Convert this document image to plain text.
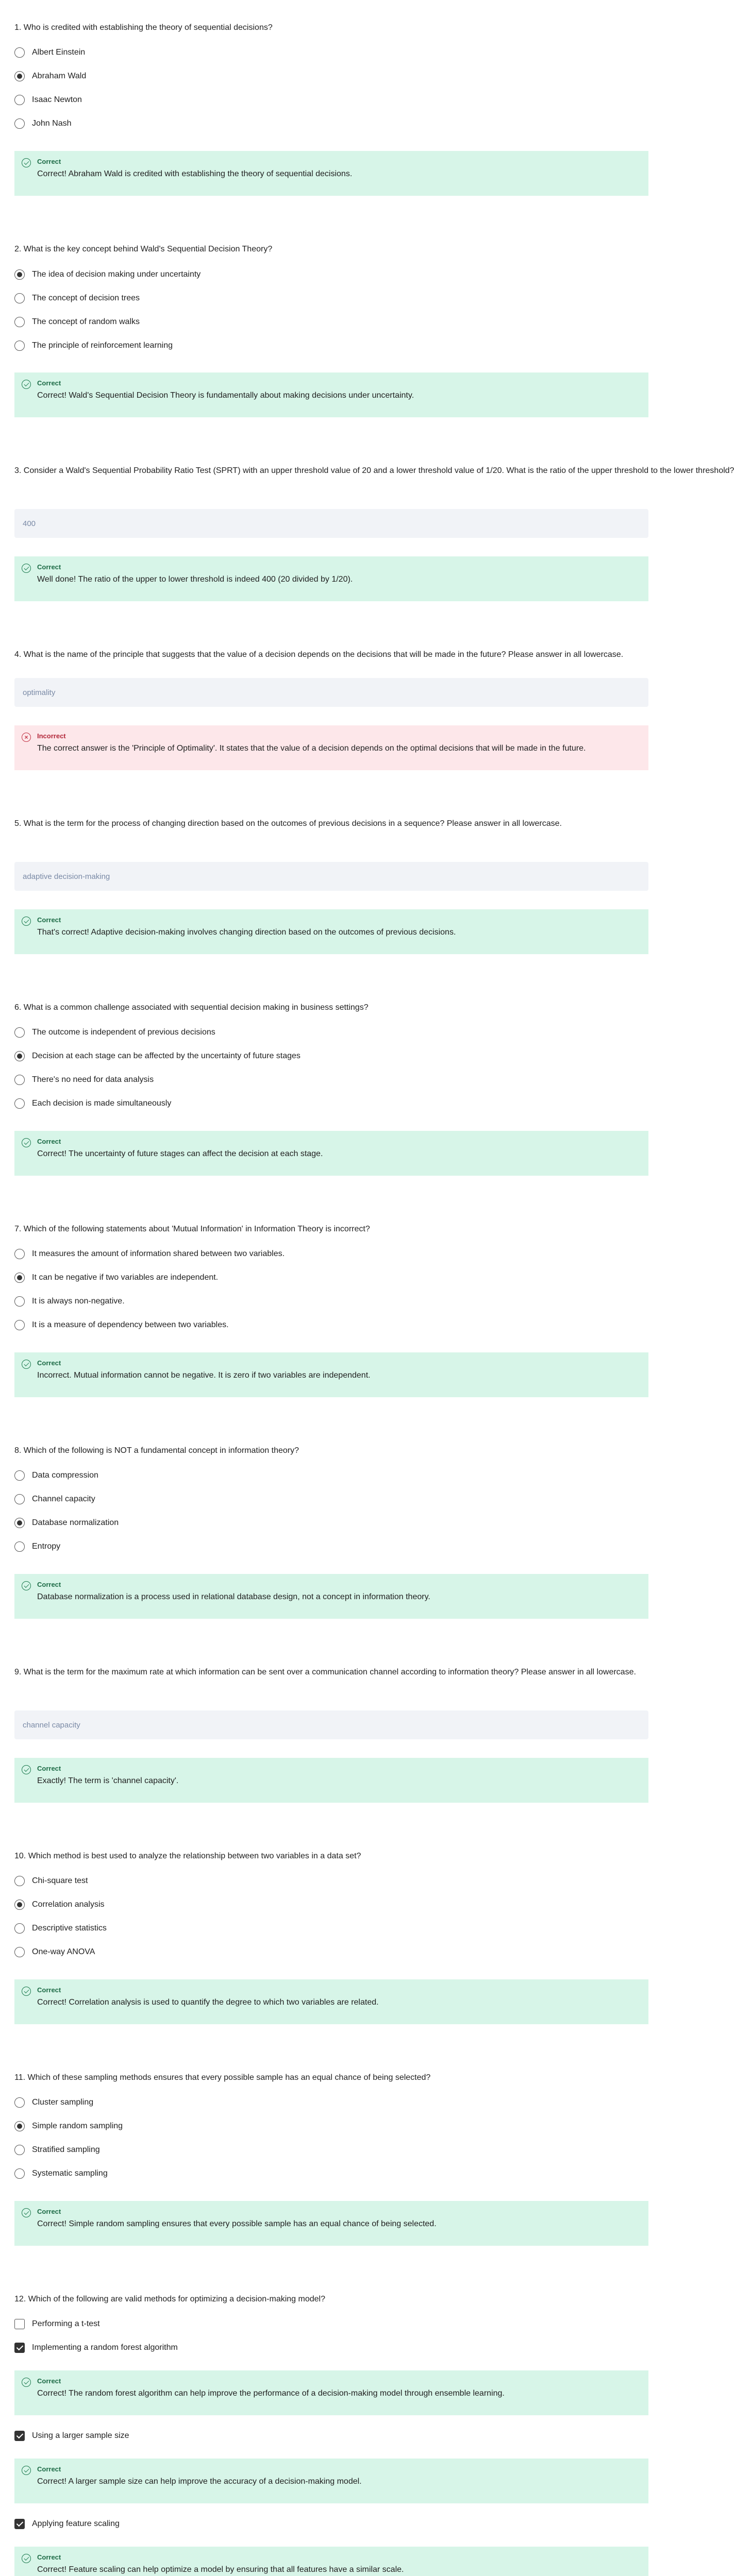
1. Who is credited with establishing the theory of sequential decisions?
Albert Einstein
Abraham Wald
Isaac Newton
John Nash
Correct
Correct! Abraham Wald is credited with establishing the theory of sequential decisions.
2. What is the key concept behind Wald's Sequential Decision Theory?
The idea of decision making under uncertainty
The concept of decision trees
The concept of random walks
The principle of reinforcement learning
Correct
Correct! Wald's Sequential Decision Theory is fundamentally about making decisions under uncertainty.
3. Consider a Wald's Sequential Probability Ratio Test (SPRT) with an upper threshold value of 20 and a lower threshold value of 1/20. What is the ratio of the upper threshold to the lower threshold?
400
Correct
Well done! The ratio of the upper to lower threshold is indeed 400 (20 divided by 1/20).
4. What is the name of the principle that suggests that the value of a decision depends on the decisions that will be made in the future? Please answer in all lowercase.
optimality
×	Incorrect
The correct answer is the 'Principle of Optimality'. It states that the value of a decision depends on the optimal decisions that will be made in the future.
5. What is the term for the process of changing direction based on the outcomes of previous decisions in a sequence? Please answer in all lowercase.
adaptive decision-making
Correct
That's correct! Adaptive decision-making involves changing direction based on the outcomes of previous decisions.
6. What is a common challenge associated with sequential decision making in business settings?
The outcome is independent of previous decisions
Decision at each stage can be affected by the uncertainty of future stages
There's no need for data analysis
Each decision is made simultaneously
Correct
Correct! The uncertainty of future stages can affect the decision at each stage.
7. Which of the following statements about 'Mutual Information' in Information Theory is incorrect?
It measures the amount of information shared between two variables.
It can be negative if two variables are independent.
It is always non-negative.
It is a measure of dependency between two variables.
Correct
Incorrect. Mutual information cannot be negative. It is zero if two variables are independent.
8. Which of the following is NOT a fundamental concept in information theory?
Data compression
Channel capacity
Database normalization
Entropy
Correct
Database normalization is a process used in relational database design, not a concept in information theory.
9. What is the term for the maximum rate at which information can be sent over a communication channel according to information theory? Please answer in all lowercase.
channel capacity
Correct
Exactly! The term is 'channel capacity'.
10. Which method is best used to analyze the relationship between two variables in a data set?
Chi-square test
Correlation analysis
Descriptive statistics
One-way ANOVA
Correct
Correct! Correlation analysis is used to quantify the degree to which two variables are related.
11. Which of these sampling methods ensures that every possible sample has an equal chance of being selected?
Cluster sampling
Simple random sampling
Stratified sampling
Systematic sampling
Correct
Correct! Simple random sampling ensures that every possible sample has an equal chance of being selected.
12. Which of the following are valid methods for optimizing a decision-making model?
Performing a t-test
Implementing a random forest algorithm
Correct
Correct! The random forest algorithm can help improve the performance of a decision-making model through ensemble learning.
Using a larger sample size
Correct
Correct! A larger sample size can help improve the accuracy of a decision-making model.
Applying feature scaling
Correct
Correct! Feature scaling can help optimize a model by ensuring that all features have a similar scale.
